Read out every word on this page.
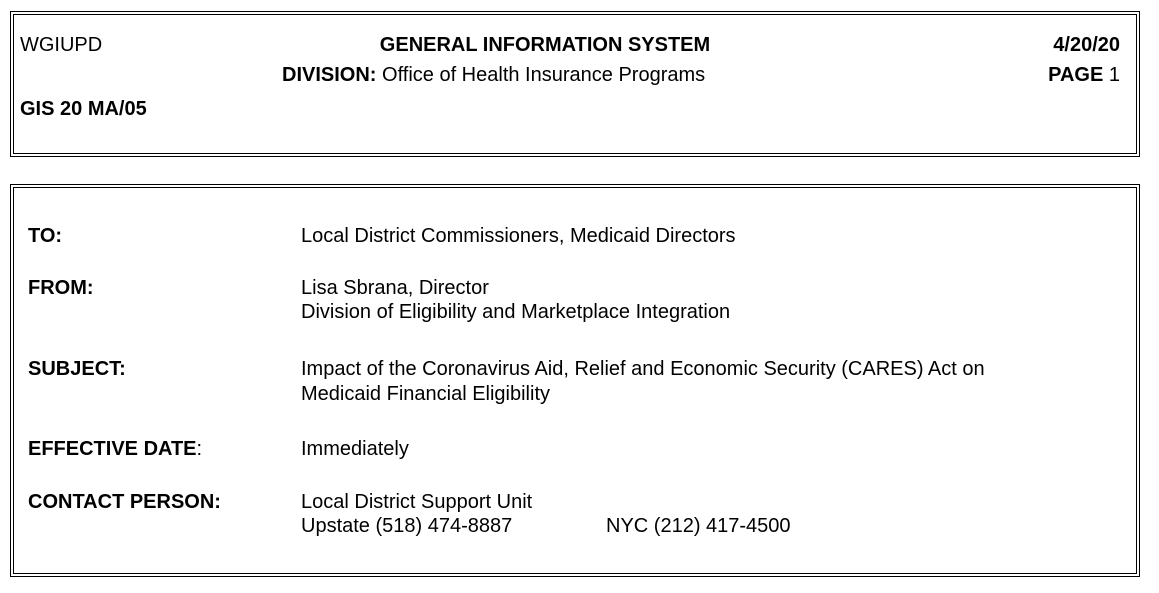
WGIUPD
GIS 20 MA/05
GENERAL INFORMATION SYSTEM
DIVISION: Office of Health Insurance Programs
4/20/20
PAGE 1
TO:	Local District Commissioners, Medicaid Directors
FROM:	Lisa Sbrana, Director
Division of Eligibility and Marketplace Integration
SUBJECT:	Impact of the Coronavirus Aid, Relief and Economic Security (CARES) Act on
Medicaid Financial Eligibility
EFFECTIVE DATE:	Immediately
CONTACT PERSON:	Local District Support Unit
Upstate (518) 474-8887	NYC (212) 417-4500
